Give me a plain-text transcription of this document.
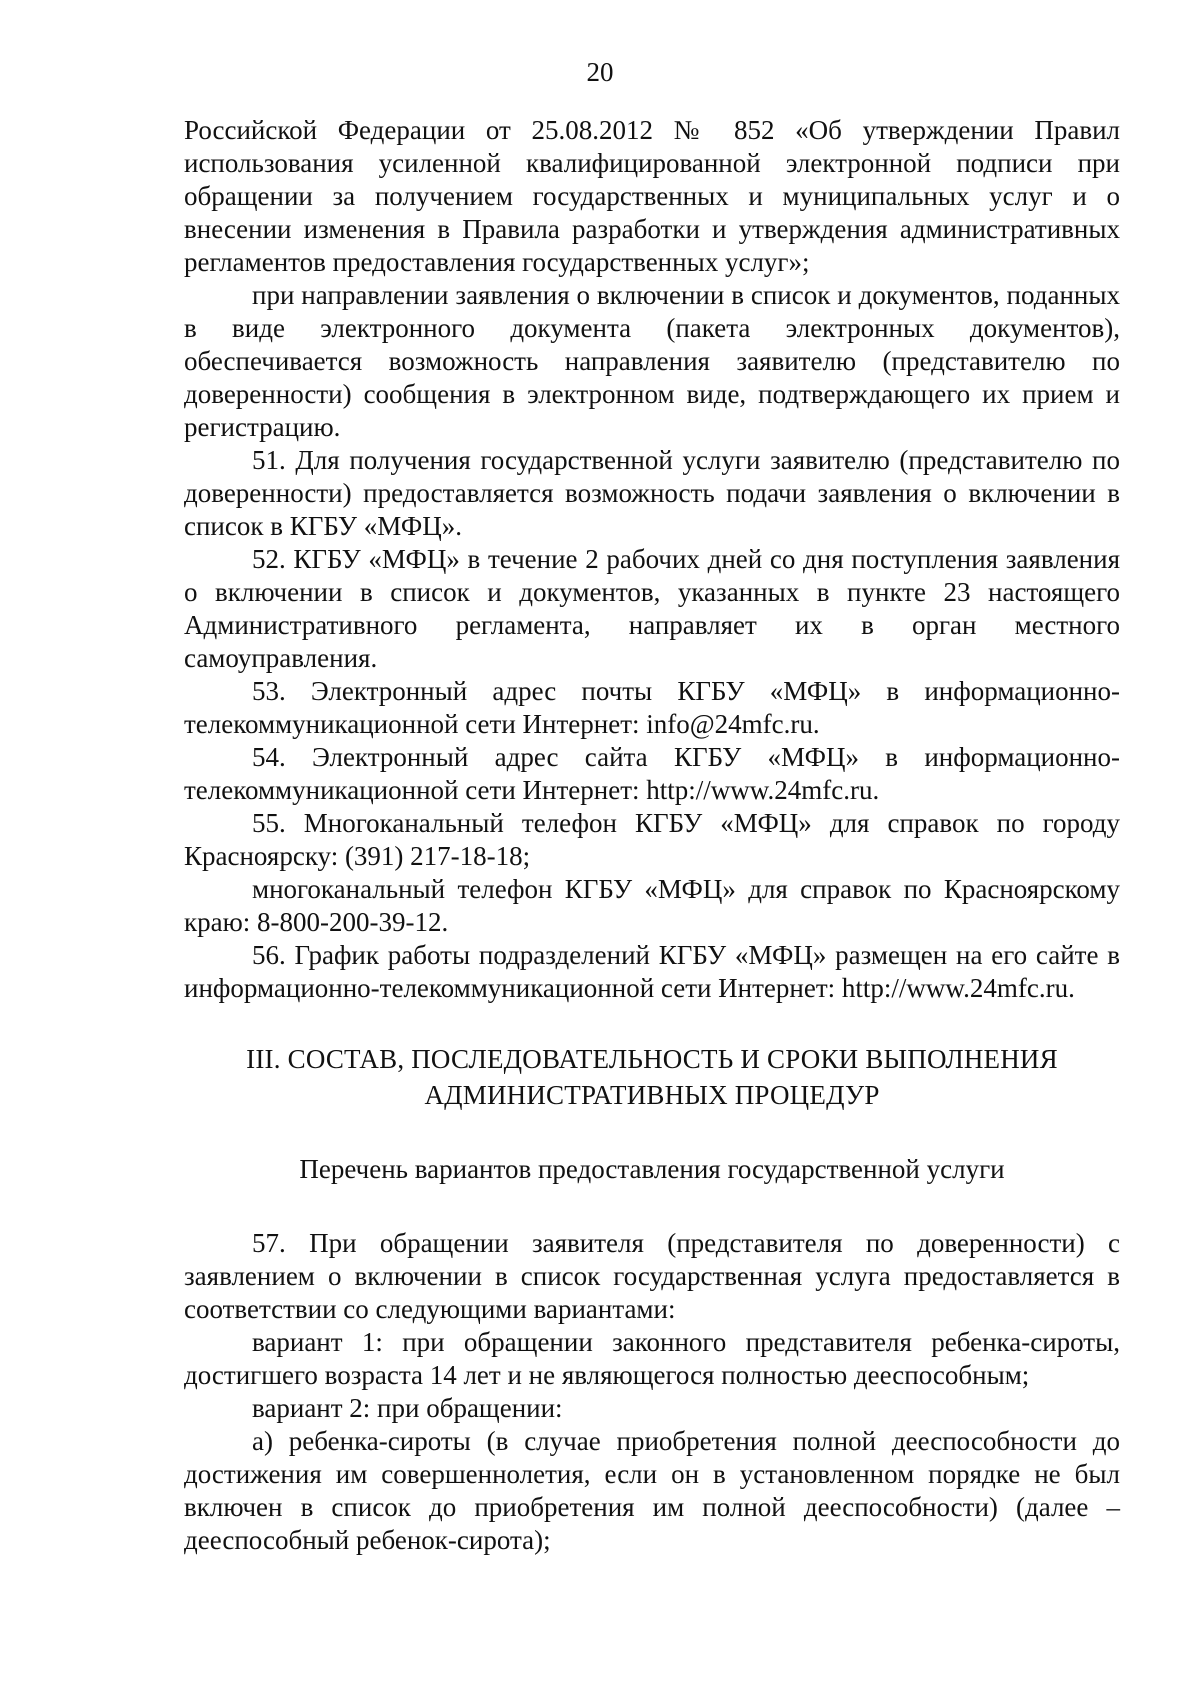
20

Российской Федерации от 25.08.2012 № 852 «Об утверждении Правил использования усиленной квалифицированной электронной подписи при обращении за получением государственных и муниципальных услуг и о внесении изменения в Правила разработки и утверждения административных регламентов предоставления государственных услуг»;

при направлении заявления о включении в список и документов, поданных в виде электронного документа (пакета электронных документов), обеспечивается возможность направления заявителю (представителю по доверенности) сообщения в электронном виде, подтверждающего их прием и регистрацию.

51. Для получения государственной услуги заявителю (представителю по доверенности) предоставляется возможность подачи заявления о включении в список в КГБУ «МФЦ».

52. КГБУ «МФЦ» в течение 2 рабочих дней со дня поступления заявления о включении в список и документов, указанных в пункте 23 настоящего Административного регламента, направляет их в орган местного самоуправления.

53. Электронный адрес почты КГБУ «МФЦ» в информационно-телекоммуникационной сети Интернет: info@24mfc.ru.

54. Электронный адрес сайта КГБУ «МФЦ» в информационно-телекоммуникационной сети Интернет: http://www.24mfc.ru.

55. Многоканальный телефон КГБУ «МФЦ» для справок по городу Красноярску: (391) 217-18-18;

многоканальный телефон КГБУ «МФЦ» для справок по Красноярскому краю: 8-800-200-39-12.

56. График работы подразделений КГБУ «МФЦ» размещен на его сайте в информационно-телекоммуникационной сети Интернет: http://www.24mfc.ru.

III. СОСТАВ, ПОСЛЕДОВАТЕЛЬНОСТЬ И СРОКИ ВЫПОЛНЕНИЯ
АДМИНИСТРАТИВНЫХ ПРОЦЕДУР
Перечень вариантов предоставления государственной услуги

57. При обращении заявителя (представителя по доверенности) с заявлением о включении в список государственная услуга предоставляется в соответствии со следующими вариантами:

вариант 1: при обращении законного представителя ребенка-сироты, достигшего возраста 14 лет и не являющегося полностью дееспособным;

вариант 2: при обращении:

а) ребенка-сироты (в случае приобретения полной дееспособности до достижения им совершеннолетия, если он в установленном порядке не был включен в список до приобретения им полной дееспособности) (далее – дееспособный ребенок-сирота);
